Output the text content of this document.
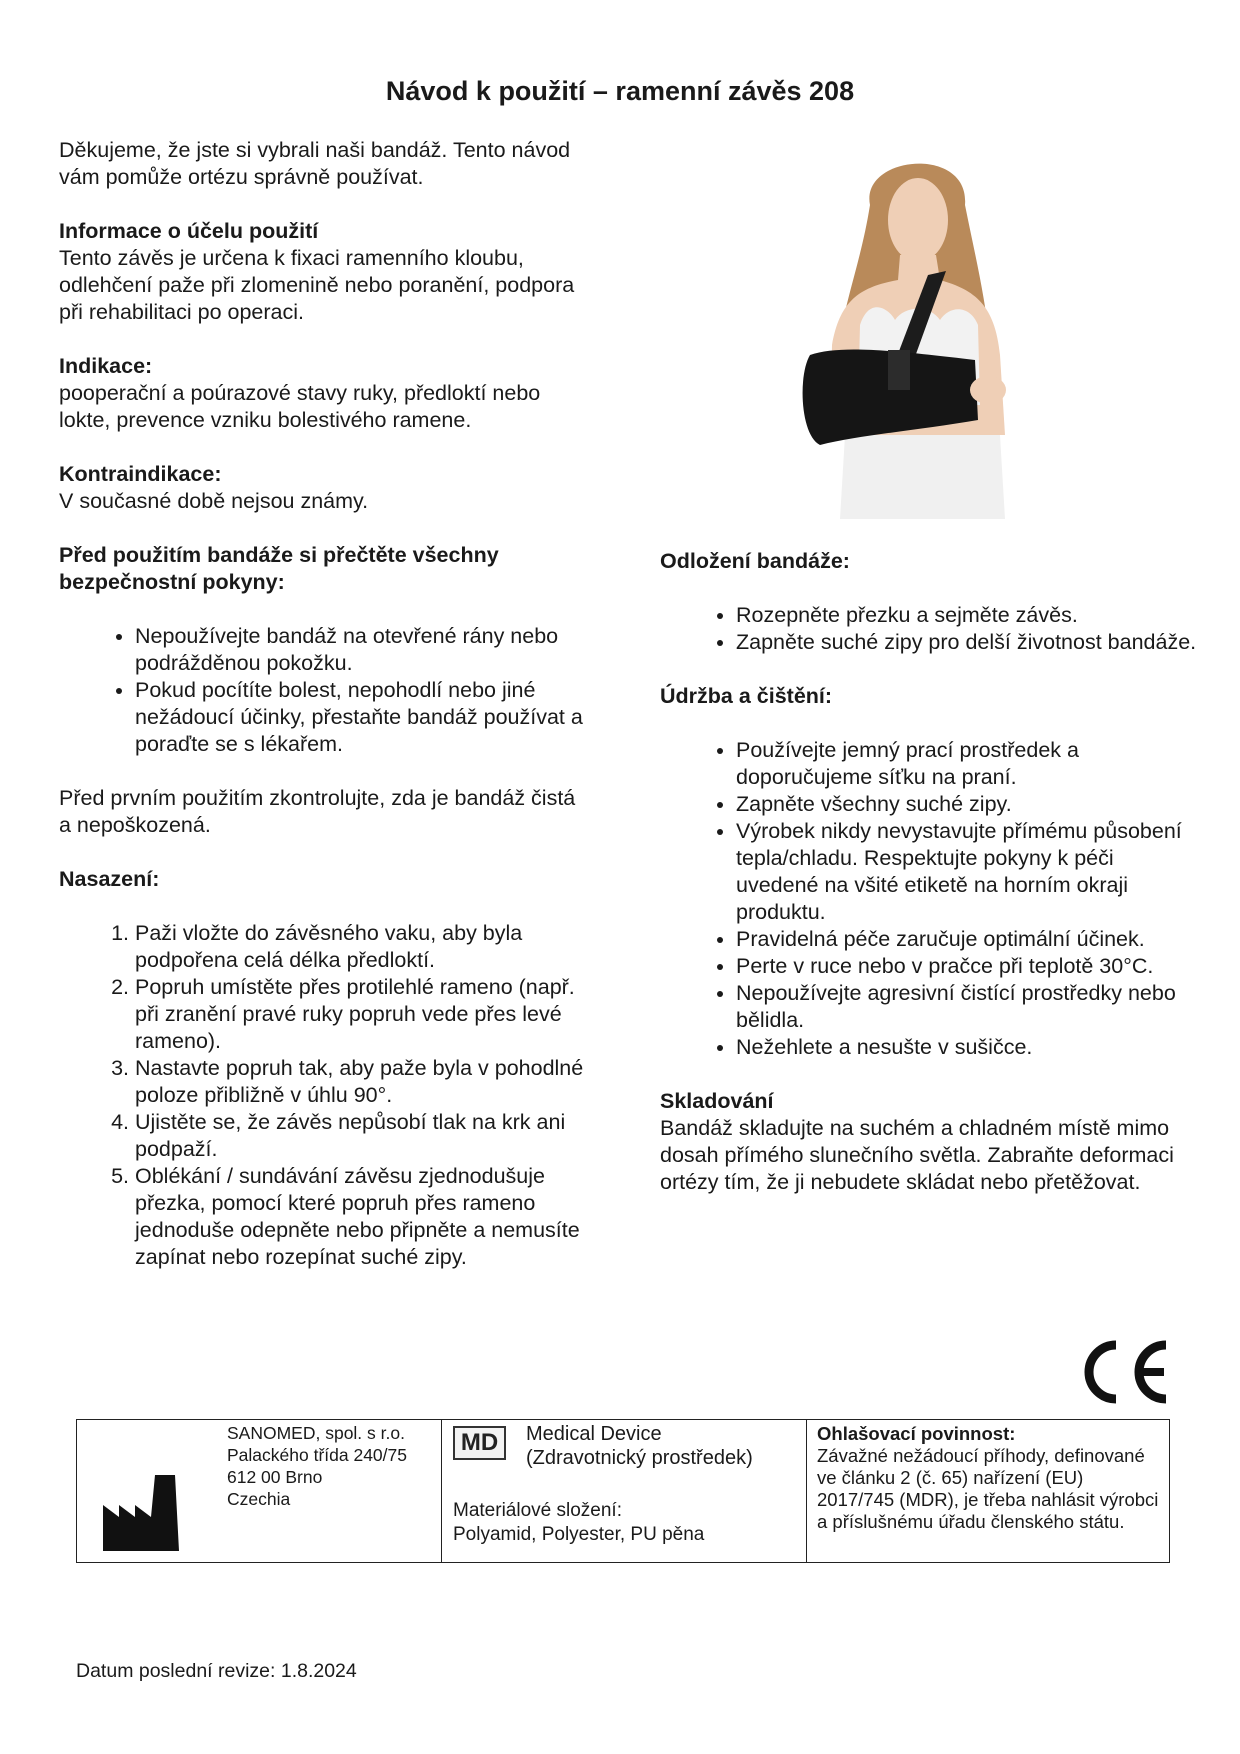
Návod k použití – ramenní závěs 208

Děkujeme, že jste si vybrali naši bandáž. Tento návod vám pomůže ortézu správně používat.

Informace o účelu použití

Tento závěs je určena k fixaci ramenního kloubu, odlehčení paže při zlomenině nebo poranění, podpora při rehabilitaci po operaci.

Indikace:

pooperační a poúrazové stavy ruky, předloktí nebo lokte, prevence vzniku bolestivého ramene.

Kontraindikace:

V současné době nejsou známy.

Před použitím bandáže si přečtěte všechny bezpečnostní pokyny:

• Nepoužívejte bandáž na otevřené rány nebo podrážděnou pokožku.
• Pokud pocítíte bolest, nepohodlí nebo jiné nežádoucí účinky, přestaňte bandáž používat a poraďte se s lékařem.

Před prvním použitím zkontrolujte, zda je bandáž čistá a nepoškozená.

Nasazení:

1. Paži vložte do závěsného vaku, aby byla podpořena celá délka předloktí.
2. Popruh umístěte přes protilehlé rameno (např. při zranění pravé ruky popruh vede přes levé rameno).
3. Nastavte popruh tak, aby paže byla v pohodlné poloze přibližně v úhlu 90°.
4. Ujistěte se, že závěs nepůsobí tlak na krk ani podpaží.
5. Oblékání / sundávání závěsu zjednodušuje přezka, pomocí které popruh přes rameno jednoduše odepněte nebo připněte a nemusíte zapínat nebo rozepínat suché zipy.

Odložení bandáže:

• Rozepněte přezku a sejměte závěs.
• Zapněte suché zipy pro delší životnost bandáže.

Údržba a čištění:

• Používejte jemný prací prostředek a doporučujeme síťku na praní.
• Zapněte všechny suché zipy.
• Výrobek nikdy nevystavujte přímému působení tepla/chladu. Respektujte pokyny k péči uvedené na všité etiketě na horním okraji produktu.
• Pravidelná péče zaručuje optimální účinek.
• Perte v ruce nebo v pračce při teplotě 30°C.
• Nepoužívejte agresivní čistící prostředky nebo bělidla.
• Nežehlete a nesušte v sušičce.

Skladování

Bandáž skladujte na suchém a chladném místě mimo dosah přímého slunečního světla. Zabraňte deformaci ortézy tím, že ji nebudete skládat nebo přetěžovat.

SANOMED, spol. s r.o.
Palackého třída 240/75
612 00 Brno
Czechia
MD	Medical Device
(Zdravotnický prostředek)
Materiálové složení:
Polyamid, Polyester, PU pěna
Ohlašovací povinnost:
Závažné nežádoucí příhody, definované ve článku 2 (č. 65) nařízení (EU) 2017/745 (MDR), je třeba nahlásit výrobci a příslušnému úřadu členského státu.
Datum poslední revize: 1.8.2024
